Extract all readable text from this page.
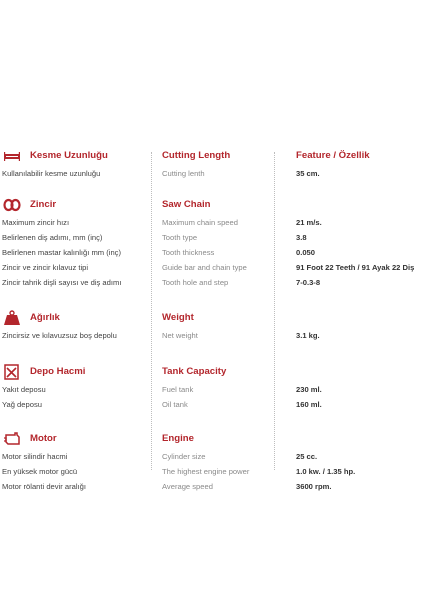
Kesme Uzunluğu	Cutting Length	Feature / Özellik
Kullanılabilir kesme uzunluğu	Cutting lenth	35 cm.
Zincir	Saw Chain
Maximum zincir hızı	Maximum chain speed	21 m/s.
Belirlenen diş adımı, mm (inç)	Tooth type	3.8
Belirlenen mastar kalınlığı mm (inç)	Tooth thickness	0.050
Zincir ve zincir kılavuz tipi	Guide bar and chain type	91 Foot 22 Teeth / 91 Ayak 22 Diş
Zincir tahrik dişli sayısı ve diş adımı	Tooth hole and step	7-0.3-8
Ağırlık	Weight
Zincirsiz ve kılavuzsuz boş depolu	Net weight	3.1 kg.
Depo Hacmi	Tank Capacity
Yakıt deposu	Fuel tank	230 ml.
Yağ deposu	Oil tank	160 ml.
Motor	Engine
Motor silindir hacmi	Cylinder size	25 cc.
En yüksek motor gücü	The highest engine power	1.0 kw. / 1.35 hp.
Motor rölanti devir aralığı	Average speed	3600 rpm.
